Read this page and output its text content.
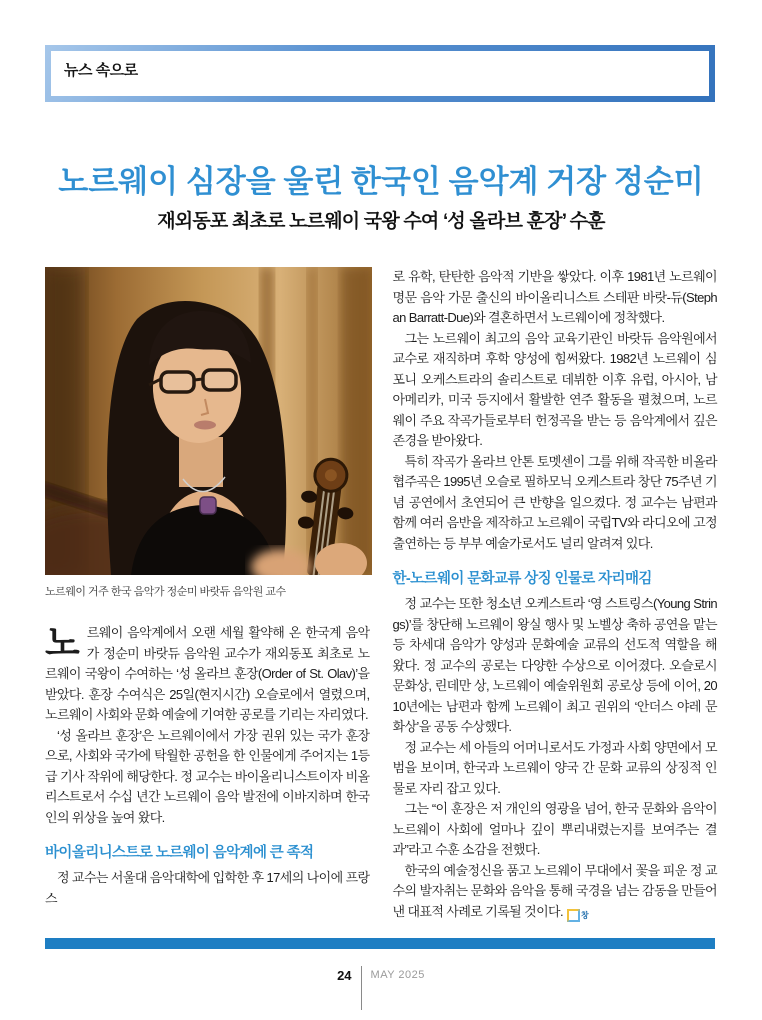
뉴스 속으로
노르웨이 심장을 울린 한국인 음악계 거장 정순미
재외동포 최초로 노르웨이 국왕 수여 ‘성 올라브 훈장’ 수훈
노르웨이 거주 한국 음악가 정순미 바랏듀 음악원 교수

노르웨이 음악계에서 오랜 세월 활약해 온 한국계 음악가 정순미 바랏듀 음악원 교수가 재외동포 최초로 노르웨이 국왕이 수여하는 ‘성 올라브 훈장(Order of St. Olav)’을 받았다. 훈장 수여식은 25일(현지시간) 오슬로에서 열렸으며, 노르웨이 사회와 문화 예술에 기여한 공로를 기리는 자리였다.

‘성 올라브 훈장’은 노르웨이에서 가장 권위 있는 국가 훈장으로, 사회와 국가에 탁월한 공헌을 한 인물에게 주어지는 1등급 기사 작위에 해당한다. 정 교수는 바이올리니스트이자 비올리스트로서 수십 년간 노르웨이 음악 발전에 이바지하며 한국인의 위상을 높여 왔다.

바이올리니스트로 노르웨이 음악계에 큰 족적

정 교수는 서울대 음악대학에 입학한 후 17세의 나이에 프랑스

로 유학, 탄탄한 음악적 기반을 쌓았다. 이후 1981년 노르웨이 명문 음악 가문 출신의 바이올리니스트 스테판 바랏-듀(Stephan Barratt-Due)와 결혼하면서 노르웨이에 정착했다.

그는 노르웨이 최고의 음악 교육기관인 바랏듀 음악원에서 교수로 재직하며 후학 양성에 힘써왔다. 1982년 노르웨이 심포니 오케스트라의 솔리스트로 데뷔한 이후 유럽, 아시아, 남아메리카, 미국 등지에서 활발한 연주 활동을 펼쳤으며, 노르웨이 주요 작곡가들로부터 헌정곡을 받는 등 음악계에서 깊은 존경을 받아왔다.

특히 작곡가 올라브 안톤 토멧센이 그를 위해 작곡한 비올라 협주곡은 1995년 오슬로 필하모닉 오케스트라 창단 75주년 기념 공연에서 초연되어 큰 반향을 일으켰다. 정 교수는 남편과 함께 여러 음반을 제작하고 노르웨이 국립TV와 라디오에 고정 출연하는 등 부부 예술가로서도 널리 알려져 있다.

한-노르웨이 문화교류 상징 인물로 자리매김

정 교수는 또한 청소년 오케스트라 ‘영 스트링스(Young Strings)’를 창단해 노르웨이 왕실 행사 및 노벨상 축하 공연을 맡는 등 차세대 음악가 양성과 문화예술 교류의 선도적 역할을 해 왔다. 정 교수의 공로는 다양한 수상으로 이어졌다. 오슬로시 문화상, 린데만 상, 노르웨이 예술위원회 공로상 등에 이어, 2010년에는 남편과 함께 노르웨이 최고 권위의 ‘안더스 야레 문화상’을 공동 수상했다.

정 교수는 세 아들의 어머니로서도 가정과 사회 양면에서 모범을 보이며, 한국과 노르웨이 양국 간 문화 교류의 상징적 인물로 자리 잡고 있다.

그는 “이 훈장은 저 개인의 영광을 넘어, 한국 문화와 음악이 노르웨이 사회에 얼마나 깊이 뿌리내렸는지를 보여주는 결과”라고 수훈 소감을 전했다.

한국의 예술정신을 품고 노르웨이 무대에서 꽃을 피운 정 교수의 발자취는 문화와 음악을 통해 국경을 넘는 감동을 만들어낸 대표적 사례로 기록될 것이다. 창

24 MAY 2025
